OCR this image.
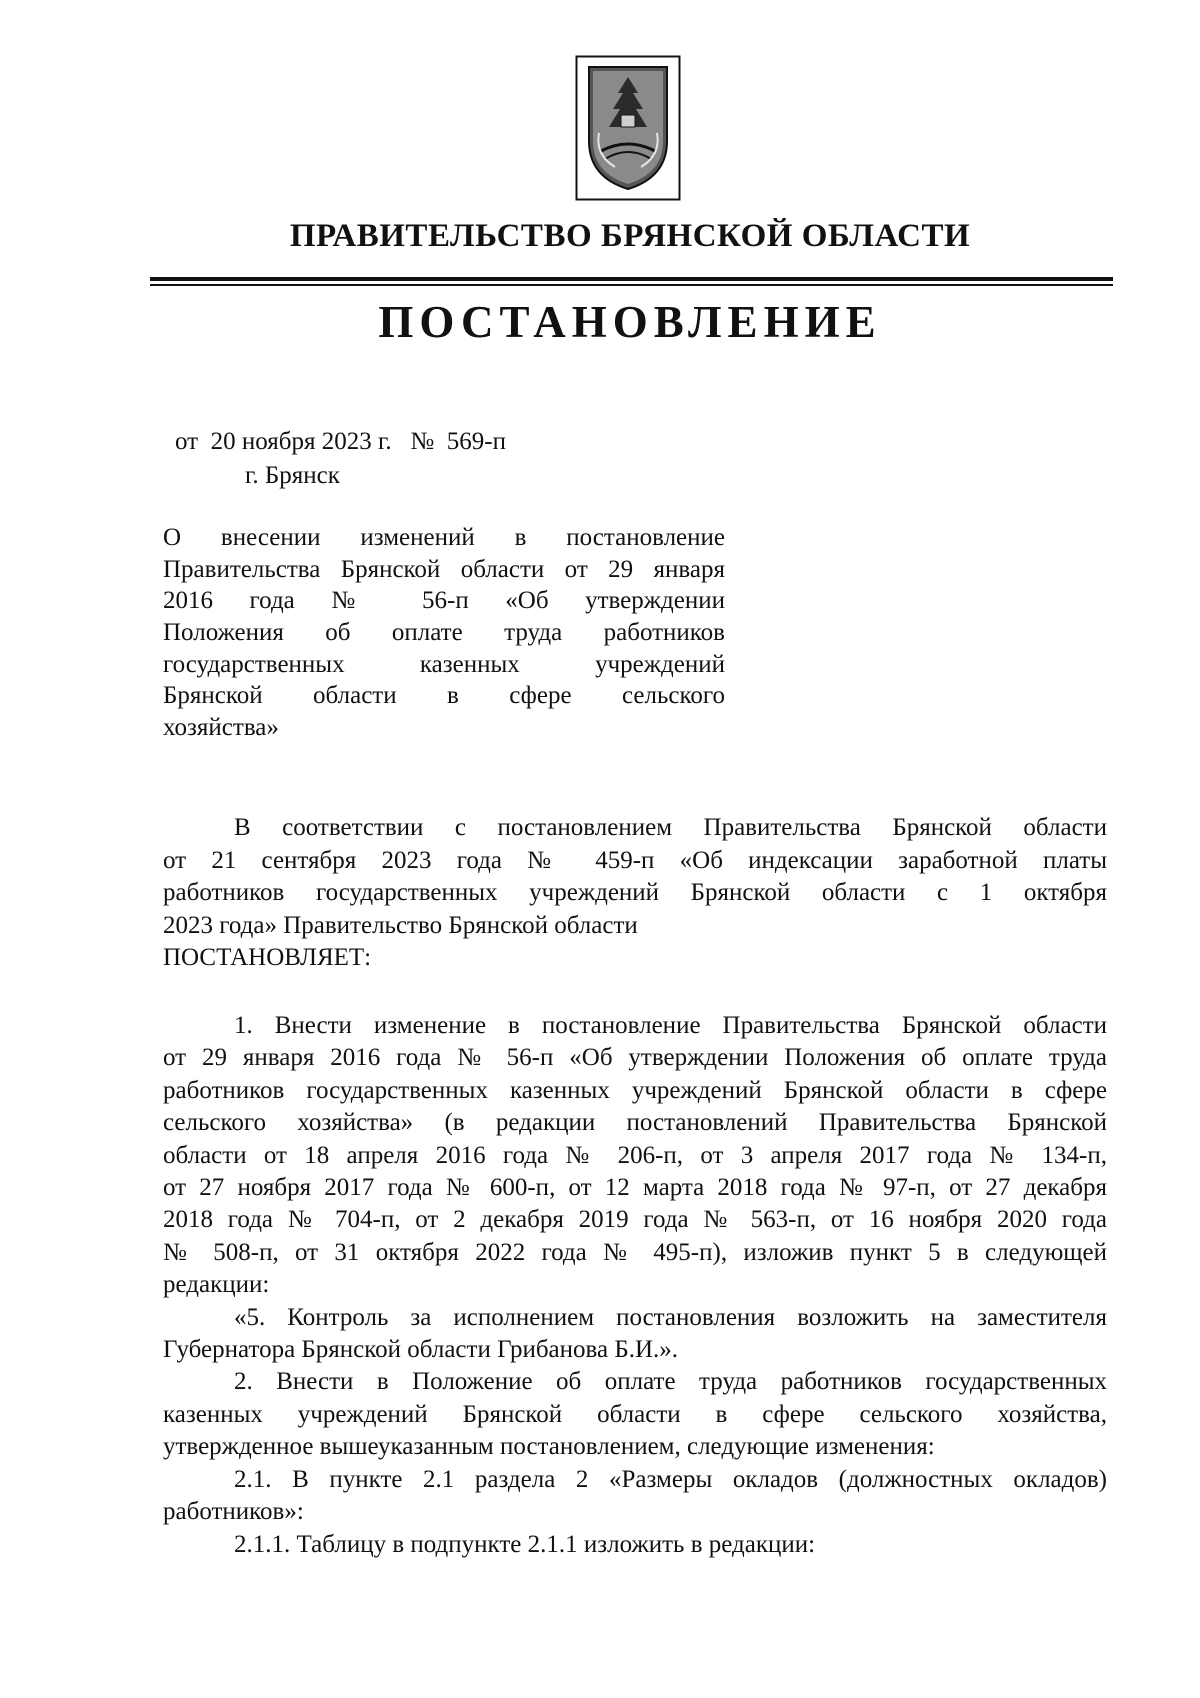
ПРАВИТЕЛЬСТВО БРЯНСКОЙ ОБЛАСТИ
ПОСТАНОВЛЕНИЕ
от 20 ноября 2023 г. № 569-п
г. Брянск
О внесении изменений в постановление
Правительства Брянской области от 29 января
2016 года № 56-п «Об утверждении
Положения об оплате труда работников
государственных казенных учреждений
Брянской области в сфере сельского
хозяйства»
В соответствии с постановлением Правительства Брянской области
от 21 сентября 2023 года № 459-п «Об индексации заработной платы
работников государственных учреждений Брянской области с 1 октября
2023 года» Правительство Брянской области
ПОСТАНОВЛЯЕТ:
1. Внести изменение в постановление Правительства Брянской области
от 29 января 2016 года № 56-п «Об утверждении Положения об оплате труда
работников государственных казенных учреждений Брянской области в сфере
сельского хозяйства» (в редакции постановлений Правительства Брянской
области от 18 апреля 2016 года № 206-п, от 3 апреля 2017 года № 134-п,
от 27 ноября 2017 года № 600-п, от 12 марта 2018 года № 97-п, от 27 декабря
2018 года № 704-п, от 2 декабря 2019 года № 563-п, от 16 ноября 2020 года
№ 508-п, от 31 октября 2022 года № 495-п), изложив пункт 5 в следующей
редакции:
«5. Контроль за исполнением постановления возложить на заместителя
Губернатора Брянской области Грибанова Б.И.».
2. Внести в Положение об оплате труда работников государственных
казенных учреждений Брянской области в сфере сельского хозяйства,
утвержденное вышеуказанным постановлением, следующие изменения:
2.1. В пункте 2.1 раздела 2 «Размеры окладов (должностных окладов)
работников»:
2.1.1. Таблицу в подпункте 2.1.1 изложить в редакции:
